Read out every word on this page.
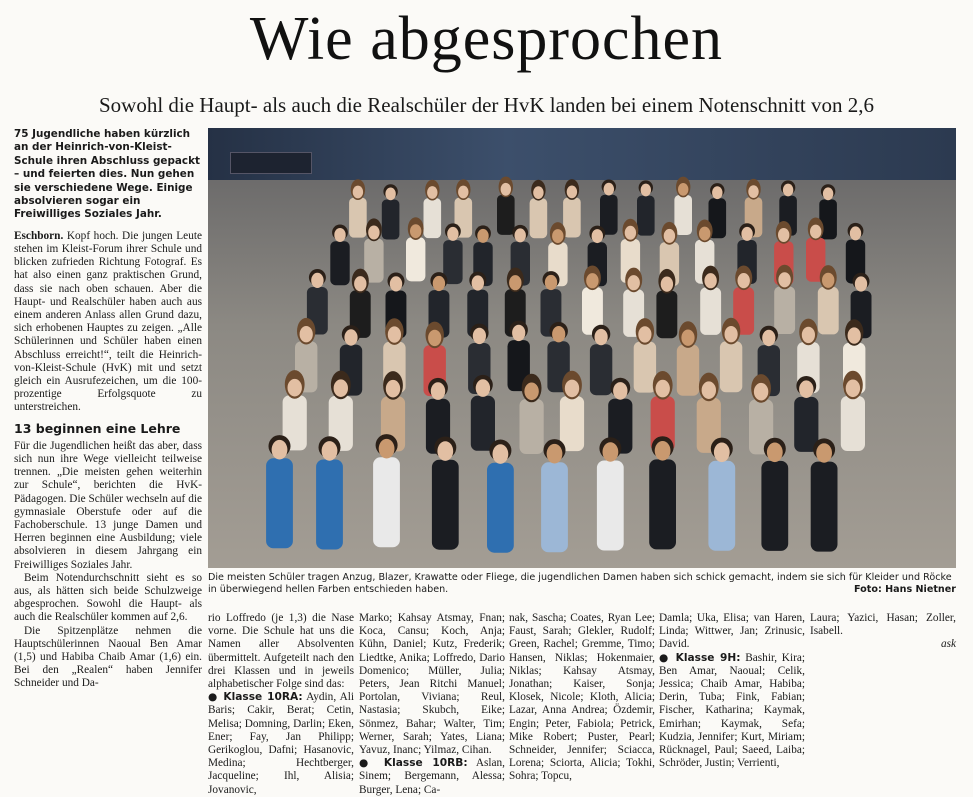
Wie abgesprochen
Sowohl die Haupt- als auch die Realschüler der HvK landen bei einem Notenschnitt von 2,6
75 Jugendliche haben kürzlich an der Heinrich-von-Kleist-Schule ihren Abschluss gepackt – und feierten dies. Nun gehen sie verschiedene Wege. Einige absolvieren sogar ein Freiwilliges Soziales Jahr.

Eschborn. Kopf hoch. Die jungen Leute stehen im Kleist-Forum ihrer Schule und blicken zufrieden Richtung Fotograf. Es hat also einen ganz praktischen Grund, dass sie nach oben schauen. Aber die Haupt- und Realschüler haben auch aus einem anderen Anlass allen Grund dazu, sich erhobenen Hauptes zu zeigen. „Alle Schülerinnen und Schüler haben einen Abschluss erreicht!“, teilt die Heinrich-von-Kleist-Schule (HvK) mit und setzt gleich ein Ausrufezeichen, um die 100-prozentige Erfolgsquote zu unterstreichen.

13 beginnen eine Lehre

Für die Jugendlichen heißt das aber, dass sich nun ihre Wege vielleicht teilweise trennen. „Die meisten gehen weiterhin zur Schule“, berichten die HvK-Pädagogen. Die Schüler wechseln auf die gymnasiale Oberstufe oder auf die Fachoberschule. 13 junge Damen und Herren beginnen eine Ausbildung; viele absolvieren in diesem Jahrgang ein Freiwilliges Soziales Jahr.

Beim Notendurchschnitt sieht es so aus, als hätten sich beide Schulzweige abgesprochen. Sowohl die Haupt- als auch die Realschüler kommen auf 2,6.

Die Spitzenplätze nehmen die Hauptschülerinnen Naoual Ben Amar (1,5) und Habiba Chaib Amar (1,6) ein. Bei den „Realen“ haben Jennifer Schneider und Da-

Die meisten Schüler tragen Anzug, Blazer, Krawatte oder Fliege, die jugendlichen Damen haben sich schick gemacht, indem sie sich für Kleider und Röcke in überwiegend hellen Farben entschieden haben.	Foto: Hans Nietner

rio Loffredo (je 1,3) die Nase vorne. Die Schule hat uns die Namen aller Absolventen übermittelt. Aufgeteilt nach den drei Klassen und in jeweils alphabetischer Folge sind das:

● Klasse 10RA: Aydin, Ali Baris; Cakir, Berat; Cetin, Melisa; Domning, Darlin; Eken, Ener; Fay, Jan Philipp; Gerikoglou, Dafni; Hasanovic, Medina; Hechtberger, Jacqueline; Ihl, Alisia; Jovanovic,

Marko; Kahsay Atsmay, Fnan; Koca, Cansu; Koch, Anja; Kühn, Daniel; Kutz, Frederik; Liedtke, Anika; Loffredo, Dario Domenico; Müller, Julia; Peters, Jean Ritchi Manuel; Portolan, Viviana; Reul, Nastasia; Skubch, Eike; Sönmez, Bahar; Walter, Tim; Werner, Sarah; Yates, Liana; Yavuz, Inanc; Yilmaz, Cihan.

● Klasse 10RB: Aslan, Sinem; Bergemann, Alessa; Burger, Lena; Ca-

nak, Sascha; Coates, Ryan Lee; Faust, Sarah; Glekler, Rudolf; Green, Rachel; Gremme, Timo; Hansen, Niklas; Hokenmaier, Niklas; Kahsay Atsmay, Jonathan; Kaiser, Sonja; Klosek, Nicole; Kloth, Alicia; Lazar, Anna Andrea; Özdemir, Engin; Peter, Fabiola; Petrick, Mike Robert; Puster, Pearl; Schneider, Jennifer; Sciacca, Lorena; Sciorta, Alicia; Tokhi, Sohra; Topcu,

Damla; Uka, Elisa; van Haren, Linda; Wittwer, Jan; Zrinusic, David.

● Klasse 9H: Bashir, Kira; Ben Amar, Naoual; Celik, Jessica; Chaib Amar, Habiba; Derin, Tuba; Fink, Fabian; Fischer, Katharina; Kaymak, Emirhan; Kaymak, Sefa; Kudzia, Jennifer; Kurt, Miriam; Rücknagel, Paul; Saeed, Laiba; Schröder, Justin; Verrienti,

Laura; Yazici, Hasan; Zoller, Isabell.

ask
